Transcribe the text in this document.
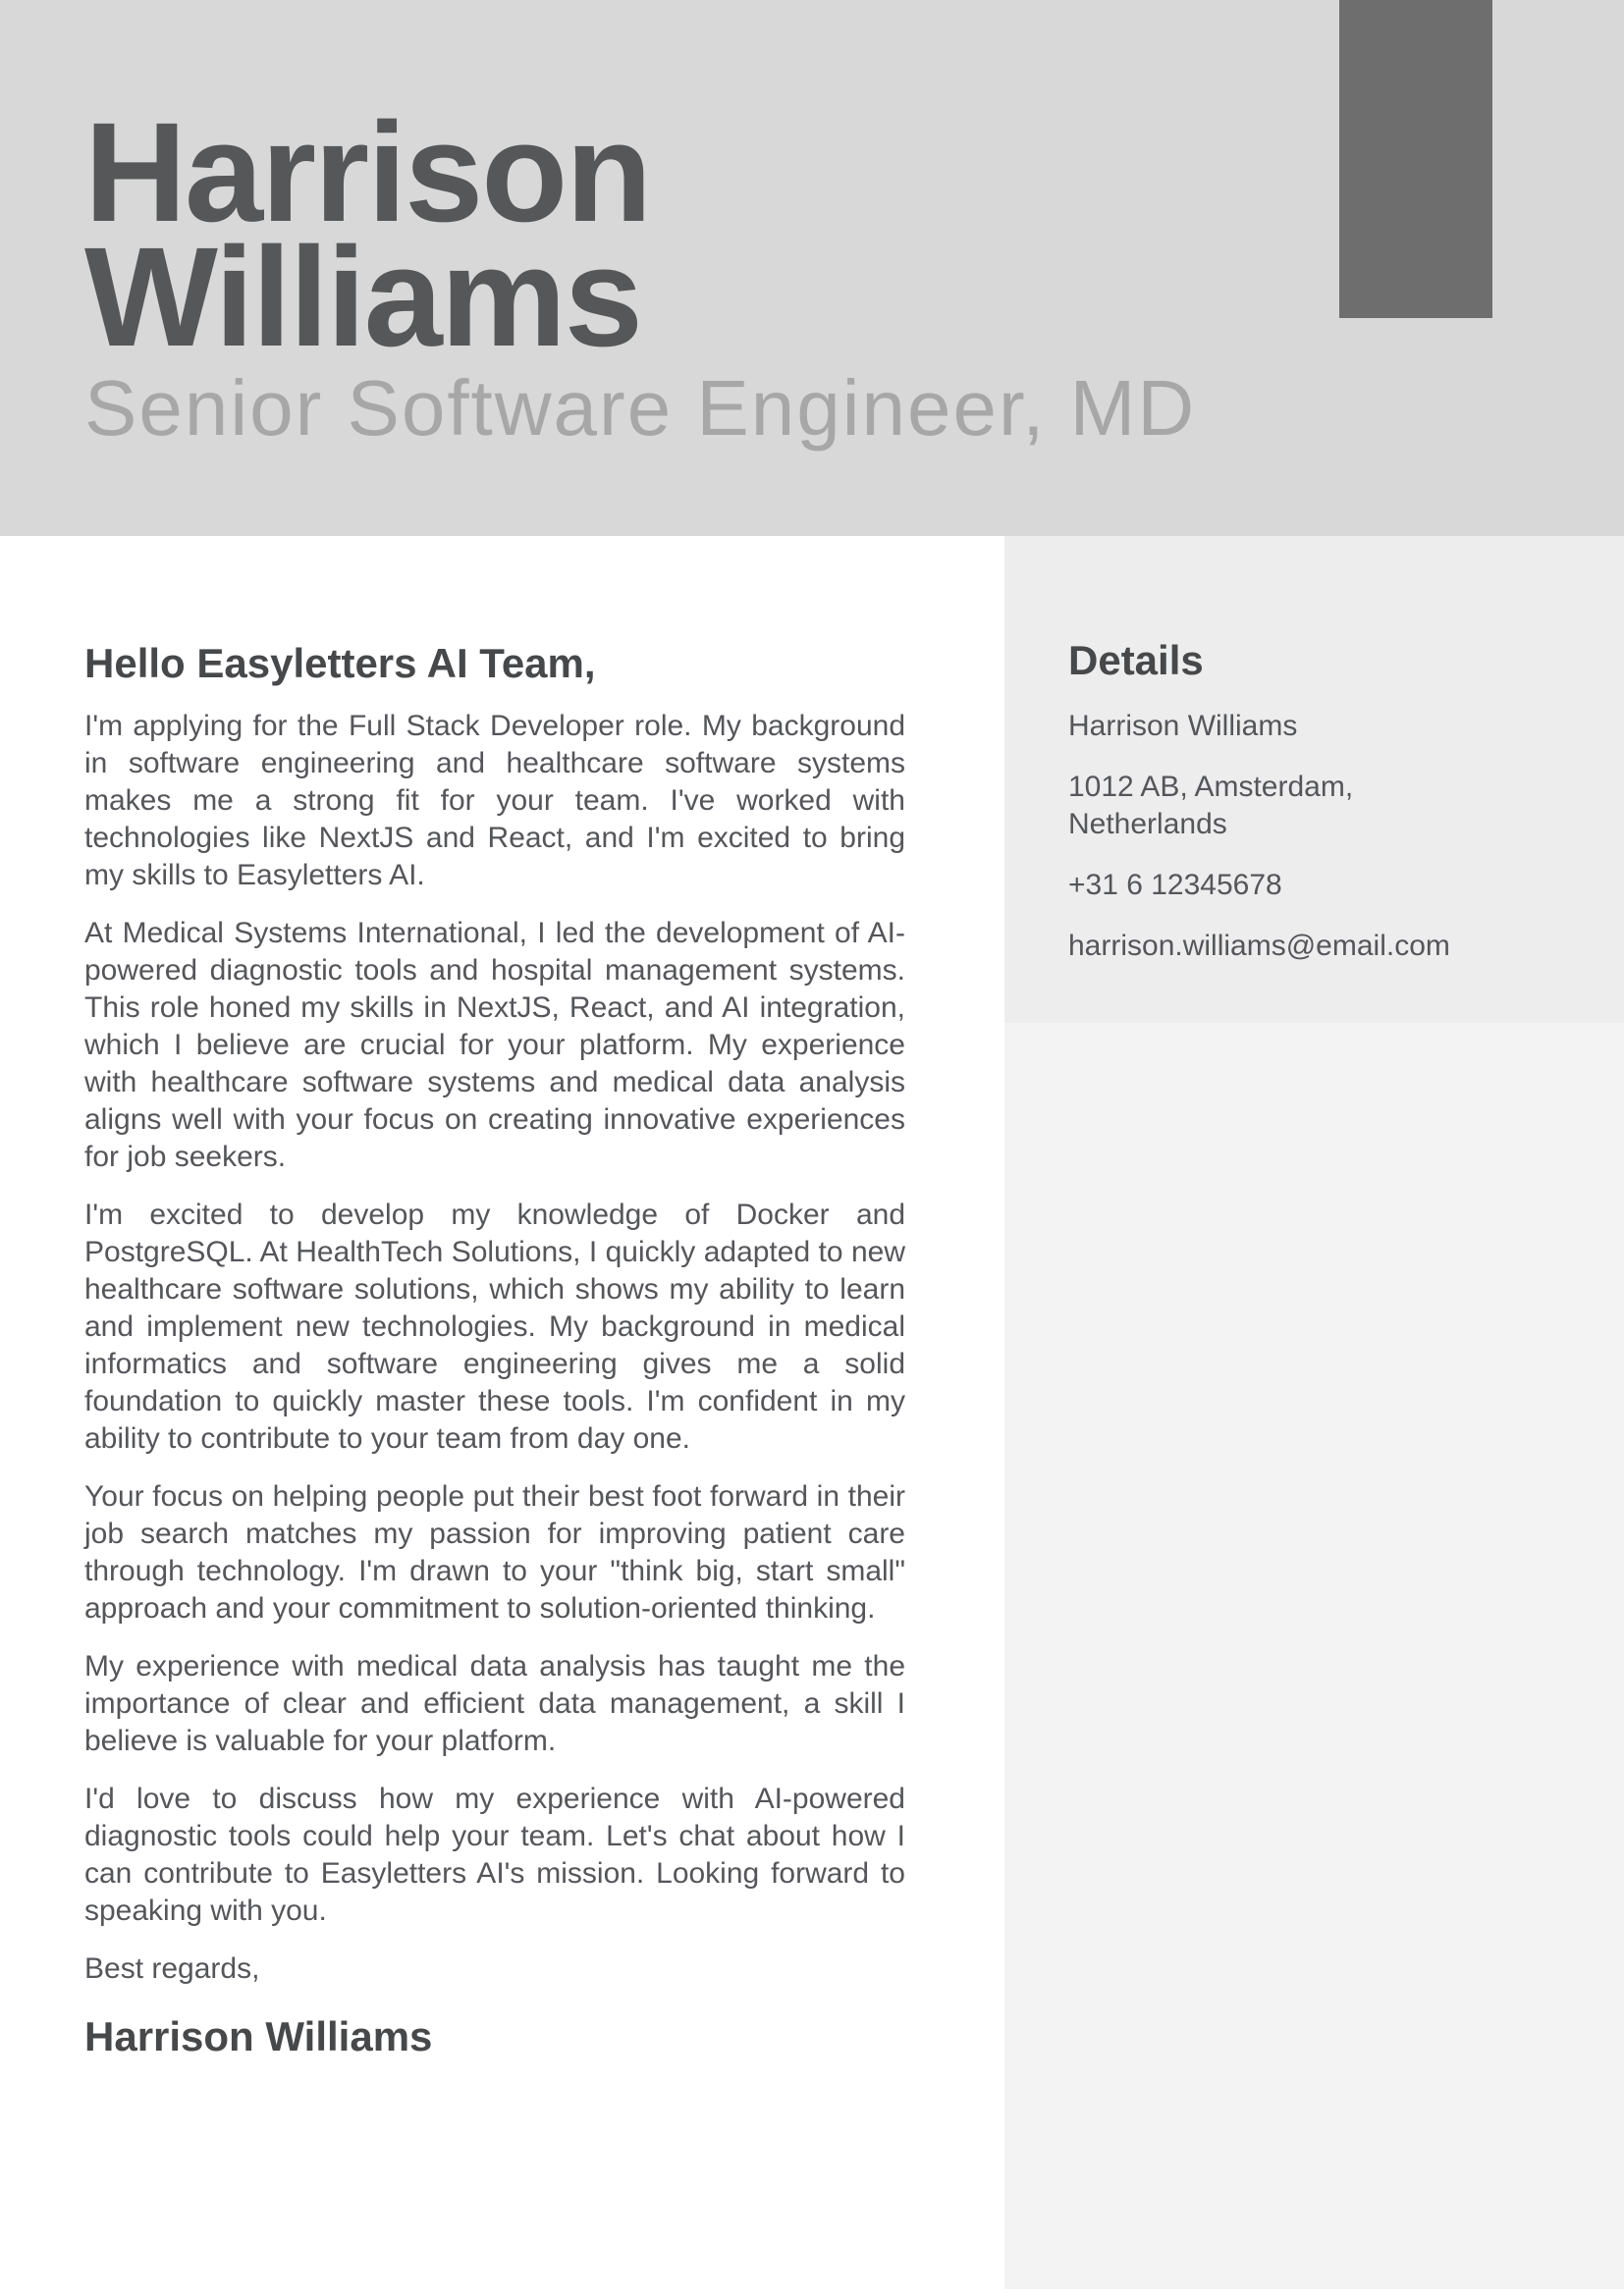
Harrison Williams
Senior Software Engineer, MD
Hello Easyletters AI Team,

I'm applying for the Full Stack Developer role. My background in software engineering and healthcare software systems makes me a strong fit for your team. I've worked with technologies like NextJS and React, and I'm excited to bring my skills to Easyletters AI.

At Medical Systems International, I led the development of AI-powered diagnostic tools and hospital management systems. This role honed my skills in NextJS, React, and AI integration, which I believe are crucial for your platform. My experience with healthcare software systems and medical data analysis aligns well with your focus on creating innovative experiences for job seekers.

I'm excited to develop my knowledge of Docker and PostgreSQL. At HealthTech Solutions, I quickly adapted to new healthcare software solutions, which shows my ability to learn and implement new technologies. My background in medical informatics and software engineering gives me a solid foundation to quickly master these tools. I'm confident in my ability to contribute to your team from day one.

Your focus on helping people put their best foot forward in their job search matches my passion for improving patient care through technology. I'm drawn to your "think big, start small" approach and your commitment to solution-oriented thinking.

My experience with medical data analysis has taught me the importance of clear and efficient data management, a skill I believe is valuable for your platform.

I'd love to discuss how my experience with AI-powered diagnostic tools could help your team. Let's chat about how I can contribute to Easyletters AI's mission. Looking forward to speaking with you.

Best regards,

Harrison Williams
Details

Harrison Williams

1012 AB, Amsterdam, Netherlands

+31 6 12345678

harrison.williams@email.com
